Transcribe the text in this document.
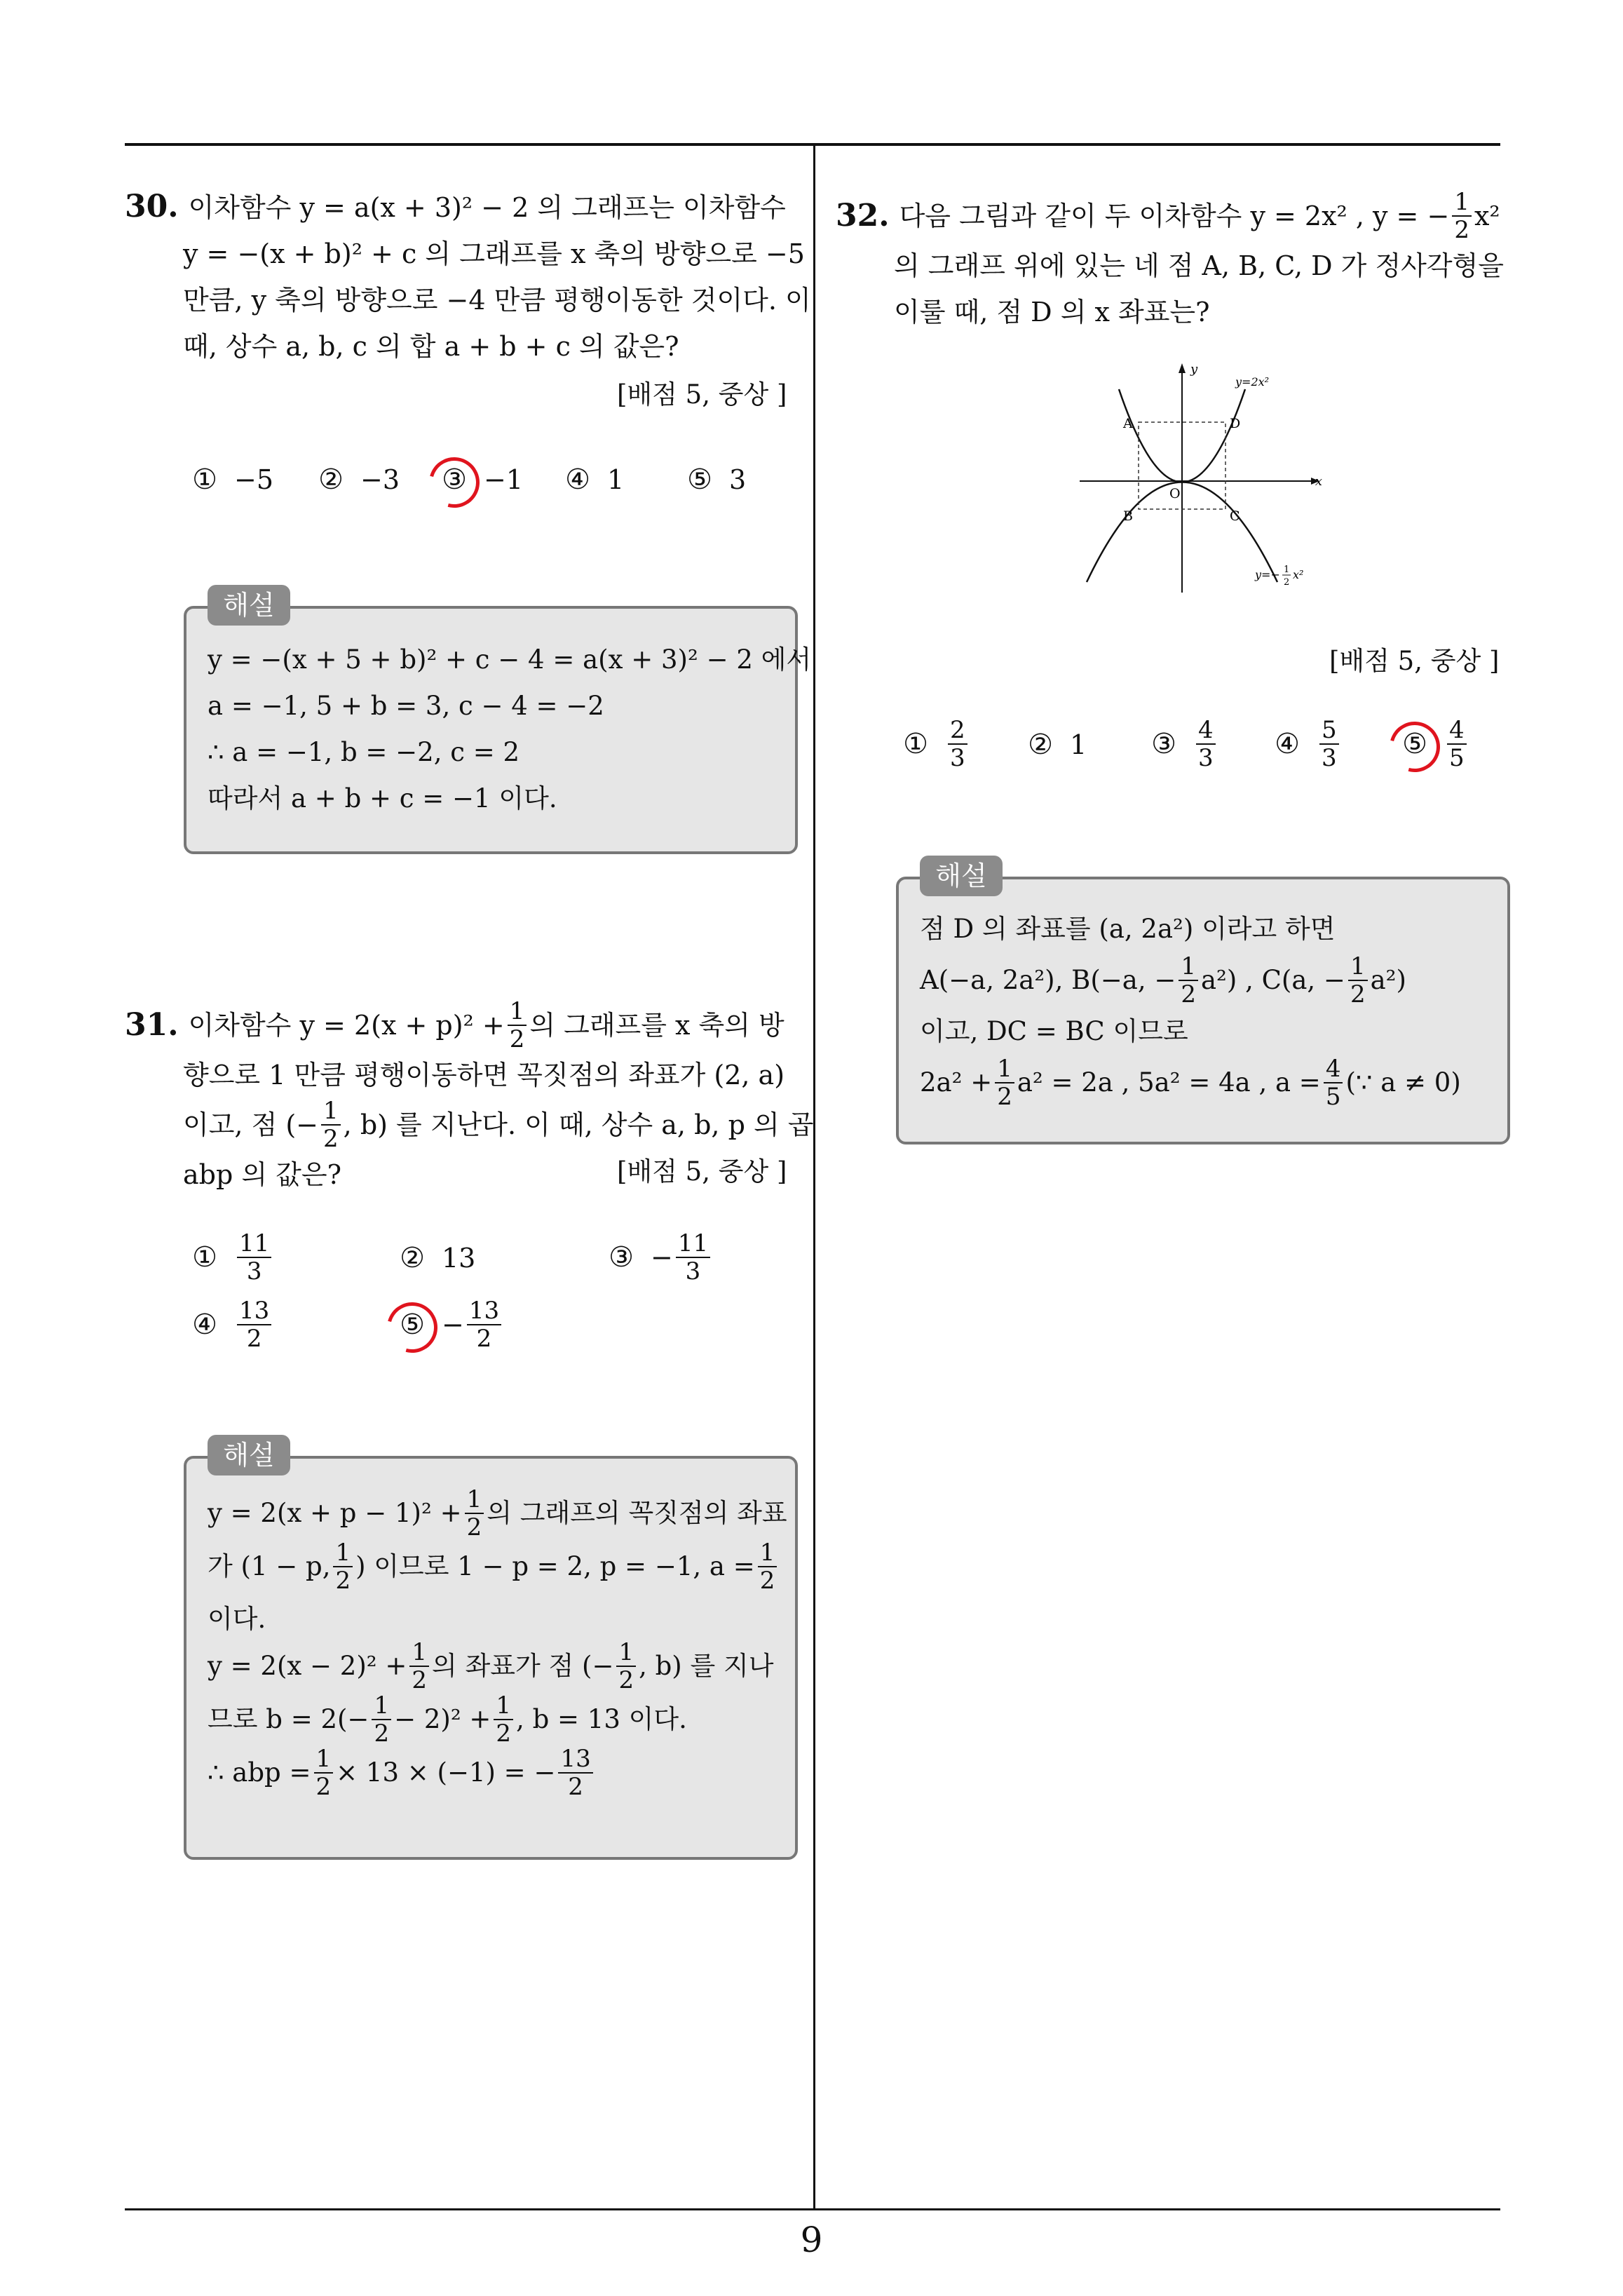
9
30. 이차함수 y = a(x + 3)² − 2 의 그래프는 이차함수
y = −(x + b)² + c 의 그래프를 x 축의 방향으로 −5
만큼, y 축의 방향으로 −4 만큼 평행이동한 것이다. 이
때, 상수 a, b, c 의 합 a + b + c 의 값은?
[배점 5, 중상 ]
① −5 ② −3 ③ −1 ④ 1 ⑤ 3
y = −(x + 5 + b)² + c − 4 = a(x + 3)² − 2 에서
a = −1, 5 + b = 3, c − 4 = −2
∴ a = −1, b = −2, c = 2
따라서 a + b + c = −1 이다.
해설
31. 이차함수 $y = 2(x + p)^2 + \frac{1}{2}$ 의 그래프를 x 축의 방
향으로 1 만큼 평행이동하면 꼭짓점의 좌표가 (2, a)
이고, 점 (− $\frac{1}{2}$ , b) 를 지난다. 이 때, 상수 a, b, p 의 곱
abp 의 값은?	[배점 5, 중상 ]
① $\frac{11}{3}$	② 13	③ − $\frac{11}{3}$
④ $\frac{13}{2}$	⑤ − $\frac{13}{2}$
$y = 2(x + p - 1)^2 + \frac{1}{2}$ 의 그래프의 꼭짓점의 좌표
가 (1 − p, $\frac{1}{2}$ ) 이므로 1 − p = 2, p = −1, $a = \frac{1}{2}$
이다.
$y = 2(x - 2)^2 + \frac{1}{2}$ 의 좌표가 점 (− $\frac{1}{2}$ , b) 를 지나
므로 $b = 2(- \frac{1}{2} - 2)^2 + \frac{1}{2}$ , b = 13 이다.
∴ abp = $\frac{1}{2} \times 13 \times (-1)$ = − $\frac{13}{2}$
해설
32. 다음 그림과 같이 두 이차함수 y = 2x² , y = − $\frac{1}{2} x^2$
의 그래프 위에 있는 네 점 A, B, C, D 가 정사각형을
이룰 때, 점 D 의 x 좌표는?
y
x
A	D
B	C
O
y=2x²
y=− 1
2
x²
[배점 5, 중상 ]
① $\frac{2}{3}$ ② 1 ③ $\frac{4}{3}$ ④ $\frac{5}{3}$ ⑤ $\frac{4}{5}$
점 D 의 좌표를 (a, 2a²) 이라고 하면
A(−a, 2a²), B(−a, − $\frac{1}{2} a^2$) , C(a, − $\frac{1}{2} a^2$)
이고, DC = BC 이므로
$2a^2 + \frac{1}{2} a^2 = 2a$ , 5a² = 4a , $a = \frac{4}{5}$ (∵ a ≠ 0)
해설
